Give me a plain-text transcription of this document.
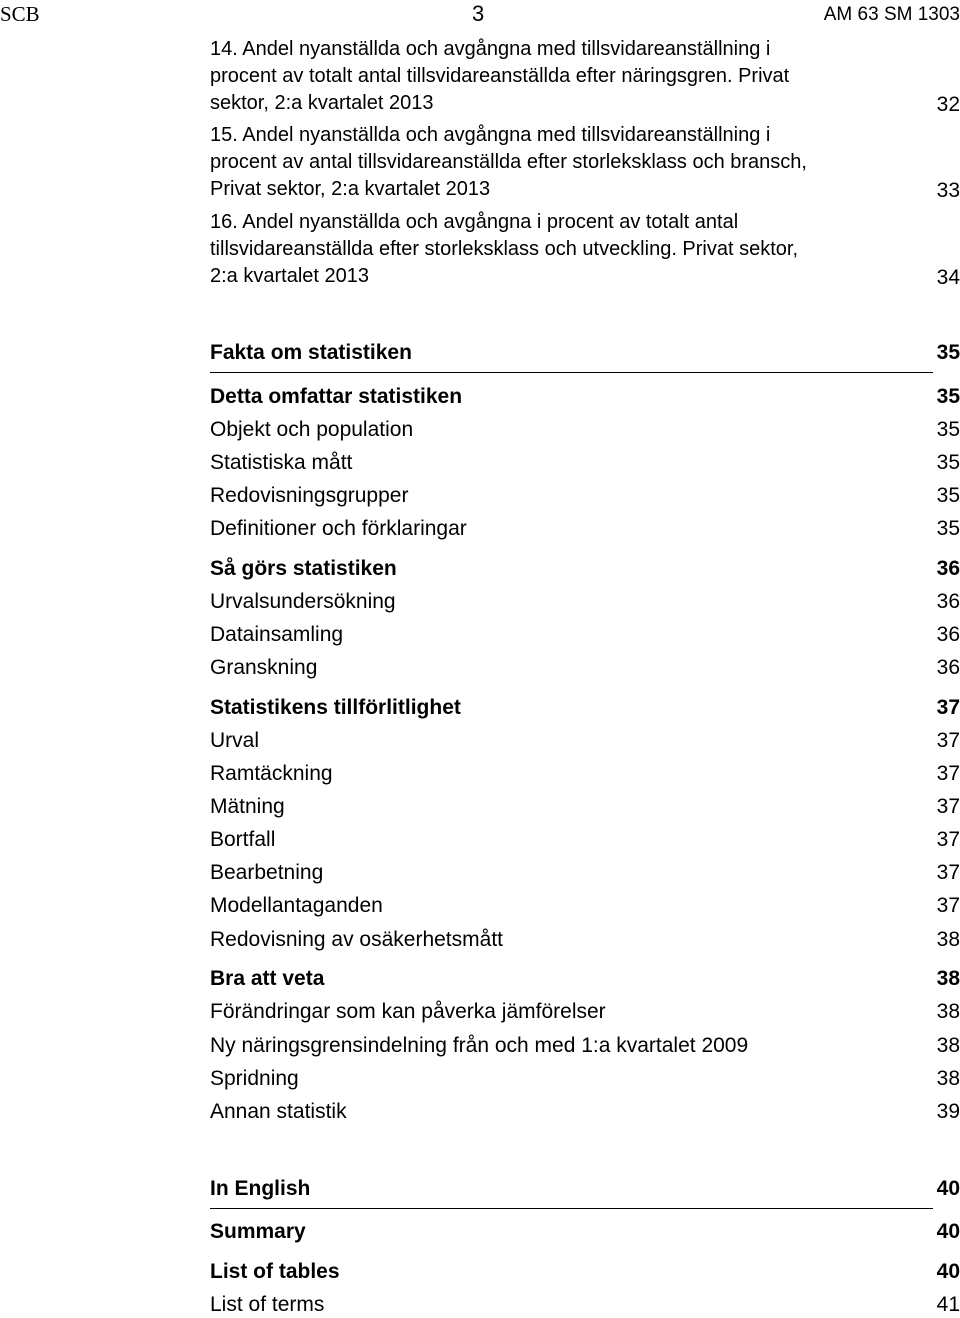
SCB	3	AM 63 SM 1303
14. Andel nyanställda och avgångna med tillsvidareanställning i
procent av totalt antal tillsvidareanställda efter näringsgren. Privat
sektor, 2:a kvartalet 2013	32
15. Andel nyanställda och avgångna med tillsvidareanställning i
procent av antal tillsvidareanställda efter storleksklass och bransch,
Privat sektor, 2:a kvartalet 2013	33
16. Andel nyanställda och avgångna i procent av totalt antal
tillsvidareanställda efter storleksklass och utveckling. Privat sektor,
2:a kvartalet 2013	34
Fakta om statistiken	35
Detta omfattar statistiken	35
Objekt och population	35
Statistiska mått	35
Redovisningsgrupper	35
Definitioner och förklaringar	35
Så görs statistiken	36
Urvalsundersökning	36
Datainsamling	36
Granskning	36
Statistikens tillförlitlighet	37
Urval	37
Ramtäckning	37
Mätning	37
Bortfall	37
Bearbetning	37
Modellantaganden	37
Redovisning av osäkerhetsmått	38
Bra att veta	38
Förändringar som kan påverka jämförelser	38
Ny näringsgrensindelning från och med 1:a kvartalet 2009	38
Spridning	38
Annan statistik	39
In English	40
Summary	40
List of tables	40
List of terms	41
